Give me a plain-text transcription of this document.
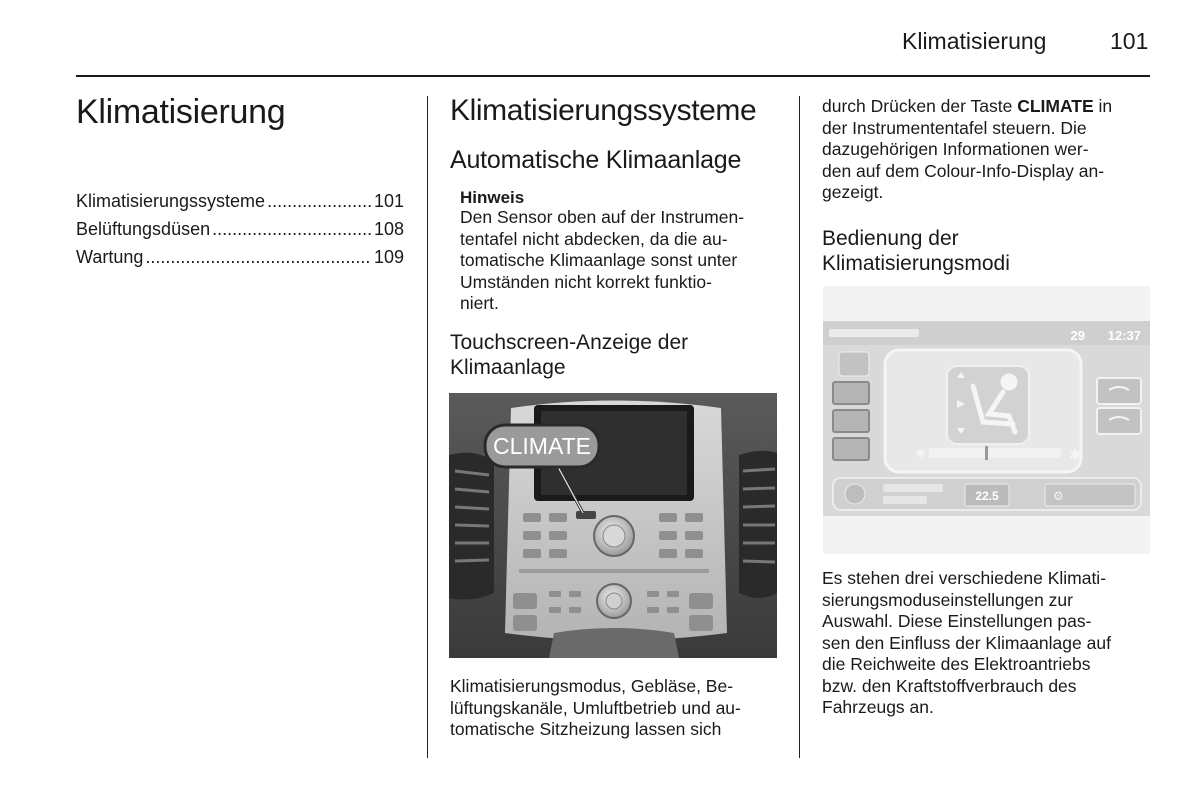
Klimatisierung	101
Klimatisierung
Klimatisierungssysteme .....	101
Belüftungsdüsen .....	108
Wartung .....	109
Klimatisierungssysteme
Automatische Klimaanlage
Hinweis
Den Sensor oben auf der Instrumen-
tentafel nicht abdecken, da die au-
tomatische Klimaanlage sonst unter
Umständen nicht korrekt funktio-
niert.
Touchscreen-Anzeige der
Klimaanlage
CLIMATE
Klimatisierungsmodus, Gebläse, Be-
lüftungskanäle, Umluftbetrieb und au-
tomatische Sitzheizung lassen sich
durch Drücken der Taste CLIMATE in
der Instrumententafel steuern. Die
dazugehörigen Informationen wer-
den auf dem Colour-Info-Display an-
gezeigt.
Bedienung der
Klimatisierungsmodi
29 12:37
✱	✱
22.5	⚙
Es stehen drei verschiedene Klimati-
sierungsmoduseinstellungen zur
Auswahl. Diese Einstellungen pas-
sen den Einfluss der Klimaanlage auf
die Reichweite des Elektroantriebs
bzw. den Kraftstoffverbrauch des
Fahrzeugs an.
